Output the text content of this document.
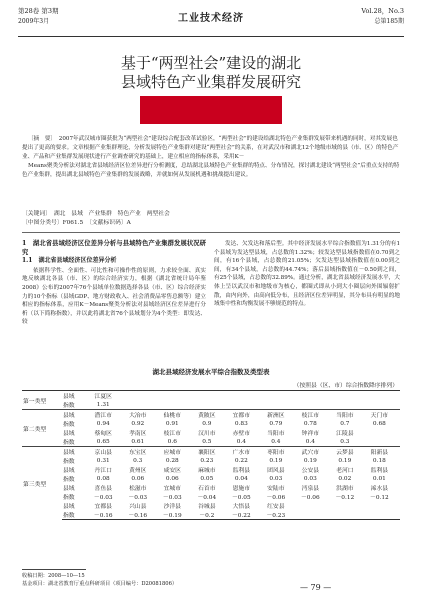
第28卷 第3期
2009年3月	工业技术经济
Vol.28，No.3
总第185期
基于“两型社会”建设的湖北
县域特色产业集群发展研究

〔摘　要〕　2007年武汉城市圈获批为“两型社会”建设综合配套改革试验区，“两型社会”的建设给湖北特色产业集群发展带来机遇的同时，对其发展也提出了更高的要求。文章根据产业集群理论，分析发展特色产业集群对建设“两型社会”的关系，在对武汉市和湖北12个地级市域的县（市、区）的特色产业、产品和产业集群发展现状进行产业调查研究的基础上，建立相应的指标体系，采用K－

Means聚类分析法对湖北省县域经济区位差异进行分析测度，总结湖北县域特色产业集群的特点、分布情况，探讨湖北建设“两型社会”后重点支持的特色产业集群，提出湖北县域特色产业集群的发展战略，并就如何从发展机遇和挑战提出建议。

〔关键词〕　湖北　县域　产业集群　特色产业　两型社会
〔中图分类号〕F061.5　〔文献标识码〕A

1　湖北省县域经济区位差异分析与县域特色产业集群发展状况研究

1.1　湖北省县域经济区位差异分析

依据科学性、全面性、可比性和可操作性的原则，力求较全面、真实地反映湖北各县（市、区）的综合经济实力，根据《湖北省统计局年鉴2008》公布的2007年76个县域单位数据选择各县（市、区）综合经济实力的10个指标（县域GDP、地方财政收入、社会消费品零售总额等）建立相应的指标体系，应用K－Means聚类分析法对县域经济区位差异进行分析（以下简称指数），并以此将湖北省76个县域划分为4个类型：即发达、较

发达、欠发达和落后型。其中经济发展水平综合指数值为1.31分的有1个县域为发达型县域，占总数的1.32%；较发达型县域指数值在0.70到之间，有16个县域，占总数的21.05%；欠发达型县域指数值在0.00到之间，有34个县域，占总数的44.74%；落后县域指数值在－0.50到之间，有25个县域，占总数的32.89%。通过分析，湖北省县域经济发展水平，大体上呈以武汉市和地级市为核心，都圈式即从小到大小圈层向外围辐射扩散，由内向外，由高向低分布，且经济区位差异明显，其分布具有明显的地域集中性和均衡发展不够规范的特点。

湖北县域经济发展水平综合指数及类型表
（按照县（区、市）综合指数降序排列）
第一类型	县域	江夏区									
	指数	1.31									
第二类型	县域	潜江市	大冶市	仙桃市	黄陂区	宜都市	新洲区	枝江市	当阳市	天门市	
	指数	0.94	0.92	0.91	0.9	0.83	0.79	0.78	0.7	0.68	
	县域	蔡甸区	孝南区	枝江市	汉川市	赤壁市	当阳市	钟祥市	江陵县		
	指数	0.65	0.61	0.6	0.5	0.4	0.4	0.4	0.3		
第三类型	县域	京山县	东宝区	应城市	襄阳区	广水市	枣阳市	武穴市	云梦县	阳新县	
	指数	0.31	0.3	0.28	0.23	0.22	0.19	0.19	0.19	0.18	
	县域	丹江口	黄州区	咸安区	麻城市	监利县	团风县	公安县	老河口	监利县	
	指数	0.08	0.06	0.06	0.05	0.04	0.03	0.03	0.02	0.01	
	县域	喜鱼县	松滋市	宜城市	石首市	恩施市	安陆市	沔泉县	洪湖市	浠水县	
	指数	－0.03	－0.03	－0.03	－0.04	－0.05	－0.06	－0.06	－0.12	－0.12	
	县域	宜都县	兴山县	沙洋县	谷城县	大悟县	红安县				
	指数	－0.16	－0.16	－0.19	－0.2	－0.22	－0.23				
收稿日期：2008—10—15
基金项目：湖北省教育厅重点科研项目（项目编号：D20081806）	— 79 —
